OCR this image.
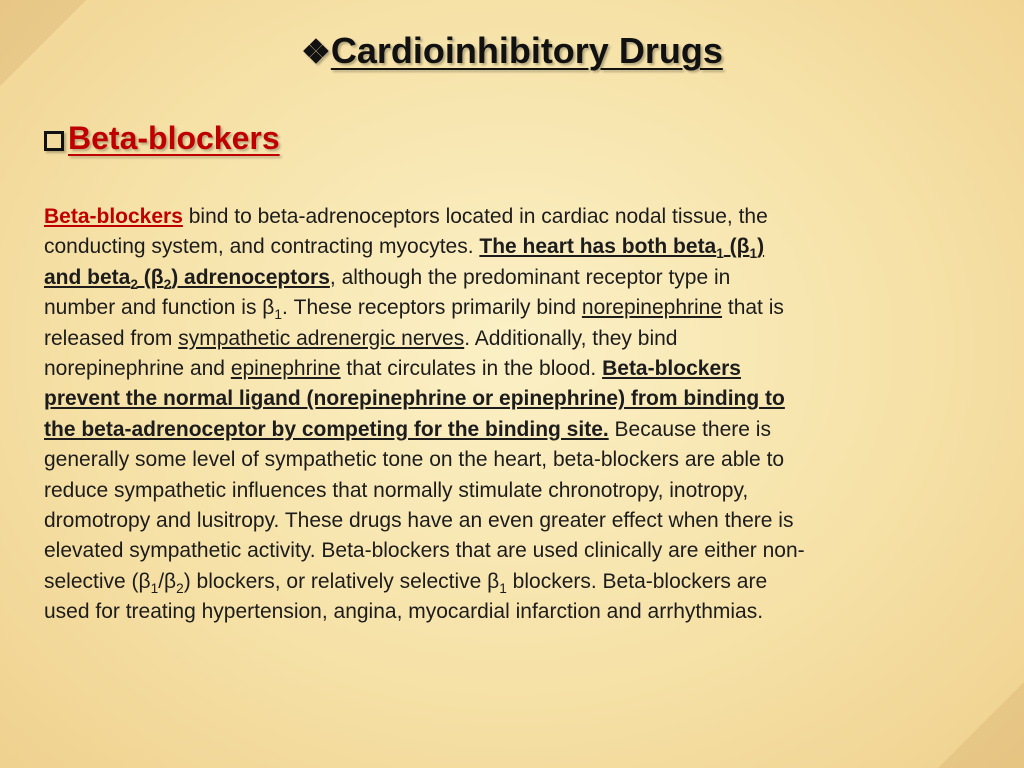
❖Cardioinhibitory Drugs
Beta-blockers
Beta-blockers bind to beta-adrenoceptors located in cardiac nodal tissue, the
conducting system, and contracting myocytes. The heart has both beta$_1$ $(\beta_1)$
and beta$_2$ $(\beta_2)$ adrenoceptors, although the predominant receptor type in
number and function is $\beta_1$. These receptors primarily bind norepinephrine that is
released from sympathetic adrenergic nerves. Additionally, they bind
norepinephrine and epinephrine that circulates in the blood. Beta-blockers
prevent the normal ligand (norepinephrine or epinephrine) from binding to
the beta-adrenoceptor by competing for the binding site. Because there is
generally some level of sympathetic tone on the heart, beta-blockers are able to
reduce sympathetic influences that normally stimulate chronotropy, inotropy,
dromotropy and lusitropy. These drugs have an even greater effect when there is
elevated sympathetic activity. Beta-blockers that are used clinically are either non-
selective $(\beta_1/\beta_2)$ blockers, or relatively selective $\beta_1$ blockers. Beta-blockers are
used for treating hypertension, angina, myocardial infarction and arrhythmias.
